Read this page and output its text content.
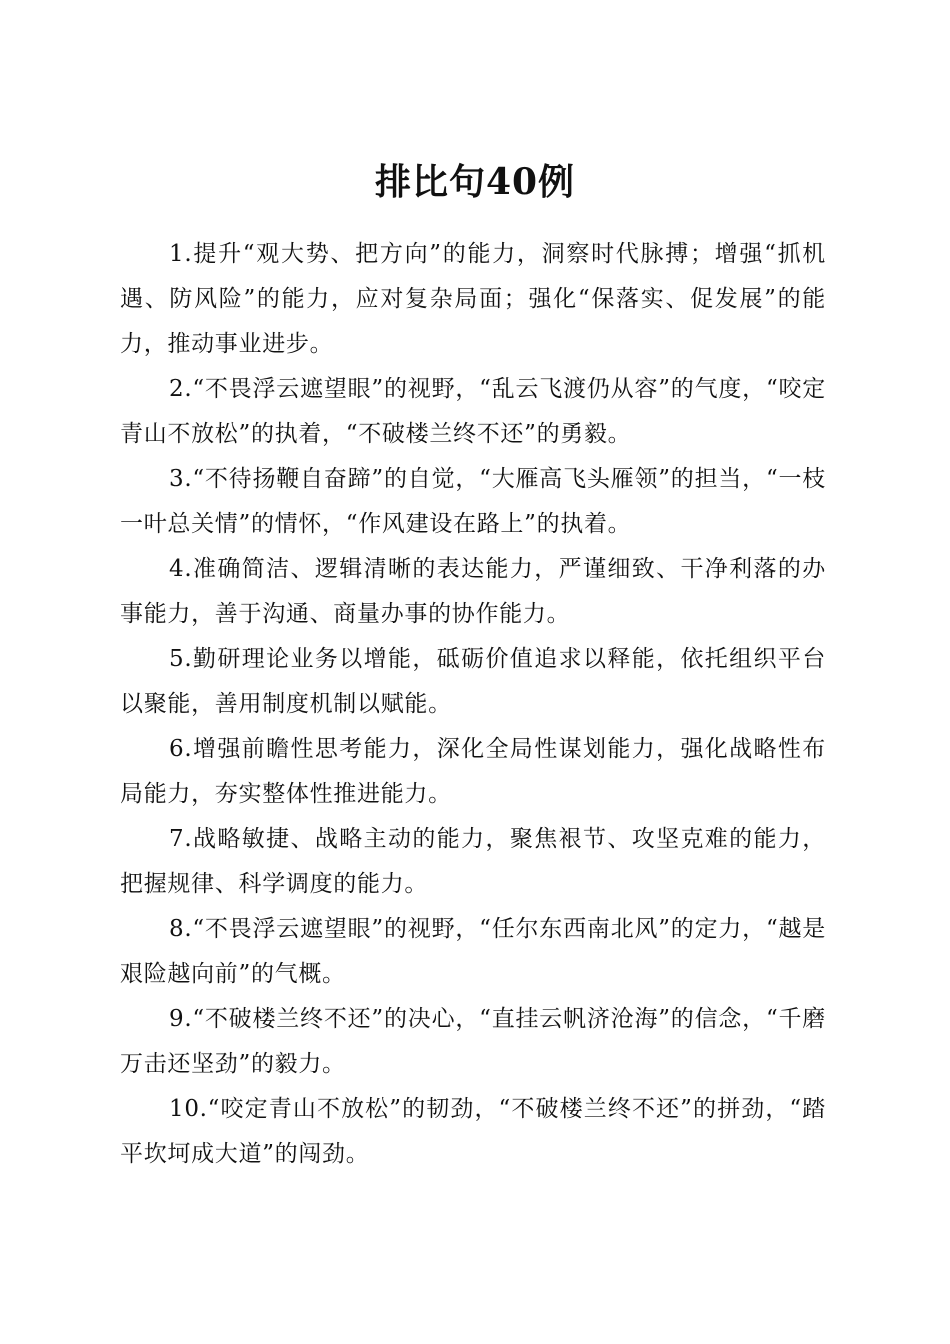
排比句40例

1.提升“观大势、把方向”的能力，洞察时代脉搏；增强“抓机遇、防风险”的能力，应对复杂局面；强化“保落实、促发展”的能力，推动事业进步。

2.“不畏浮云遮望眼”的视野，“乱云飞渡仍从容”的气度，“咬定青山不放松”的执着，“不破楼兰终不还”的勇毅。

3.“不待扬鞭自奋蹄”的自觉，“大雁高飞头雁领”的担当，“一枝一叶总关情”的情怀，“作风建设在路上”的执着。

4.准确简洁、逻辑清晰的表达能力，严谨细致、干净利落的办事能力，善于沟通、商量办事的协作能力。

5.勤研理论业务以增能，砥砺价值追求以释能，依托组织平台以聚能，善用制度机制以赋能。

6.增强前瞻性思考能力，深化全局性谋划能力，强化战略性布局能力，夯实整体性推进能力。

7.战略敏捷、战略主动的能力，聚焦裉节、攻坚克难的能力，把握规律、科学调度的能力。

8.“不畏浮云遮望眼”的视野，“任尔东西南北风”的定力，“越是艰险越向前”的气概。

9.“不破楼兰终不还”的决心，“直挂云帆济沧海”的信念，“千磨万击还坚劲”的毅力。

10.“咬定青山不放松”的韧劲，“不破楼兰终不还”的拼劲，“踏平坎坷成大道”的闯劲。
